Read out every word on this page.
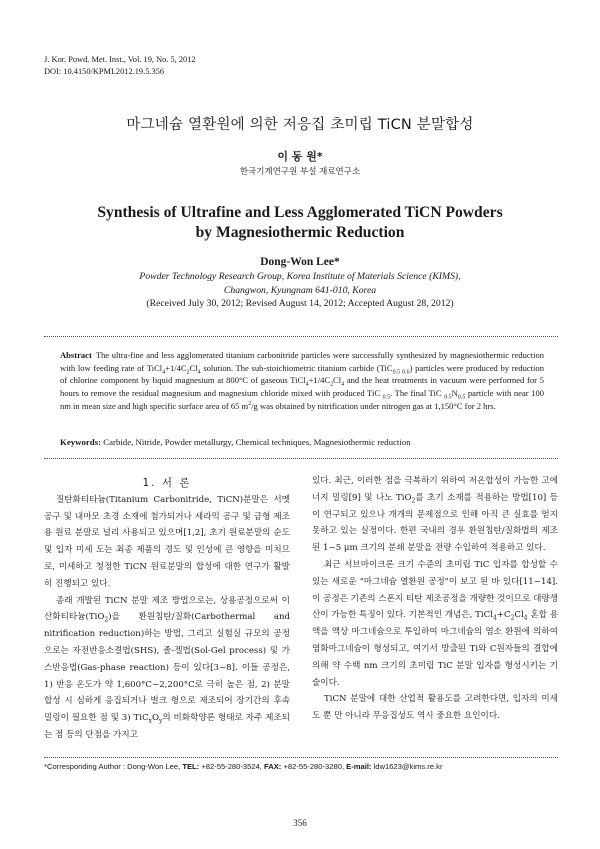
J. Kor. Powd. Met. Inst., Vol. 19, No. 5, 2012
DOI: 10.4150/KPMI.2012.19.5.356
마그네슘 열환원에 의한 저응집 초미립 TiCN 분말합성
이 동 원*
한국기계연구원 부설 재료연구소
Synthesis of Ultrafine and Less Agglomerated TiCN Powders
by Magnesiothermic Reduction
Dong-Won Lee*
Powder Technology Research Group, Korea Institute of Materials Science (KIMS),
Changwon, Kyungnam 641-010, Korea
(Received July 30, 2012; Revised August 14, 2012; Accepted August 28, 2012)
Abstract The ultra-fine and less agglomerated titanium carbonitride particles were successfully synthesized by magnesiothermic reduction with low feeding rate of $TiCl_4+1/4C_2Cl_4$ solution. The sub-stoichiometric titanium carbide (TiC$_{0.5 0.6}$) particles were produced by reduction of chlorine component by liquid magnesium at 800°C of gaseous $TiCl_4+1/4C_2Cl_4$ and the heat treatments in vacuum were performed for 5 hours to remove the residual magnesium and magnesium chloride mixed with produced TiC $_{0.5}$. The final TiC $_{0.5}N_{0.5}$ particle with near 100 nm in mean size and high specific surface area of 65 $m^2/g$ was obtained by nitrification under nitrogen gas at 1,150°C for 2 hrs.
Keywords: Carbide, Nitride, Powder metallurgy, Chemical techniques, Magnesiothermic reduction

1. 서 론

질탄화티타늄(Titanium Carbonitride, TiCN)분말은 서멧 공구 및 내마모 초경 소재에 첨가되거나 세라믹 공구 및 금형 제조 용 원료 분말로 널리 사용되고 있으며[1,2], 초기 원료분말의 순도 및 입자 미세 도는 최종 제품의 경도 및 인성에 큰 영향을 미치므로, 미세하고 청정한 TiCN 원료분말의 합성에 대한 연구가 활발히 진행되고 있다.

종래 개발된 TiCN 분말 제조 방법으로는, 상용공정으로써 이산화티타늄(TiO$_2$)을 환원침탄/질화(Carbothermal and nitrification reduction)하는 방법, 그리고 실험실 규모의 공정으로는 자전반응소결법(SHS), 졸-겔법(Sol-Gel process) 및 가스반응법(Gas-phase reaction) 등이 있다[3~8]. 이들 공정은, 1) 반응 온도가 약 1,600°C~2,200°C로 극히 높은 점, 2) 분말합성 시 심하게 응집되거나 벌크 형으로 제조되어 장기간의 후속 밀링이 필요한 점 및 3) $TiC_xO_y$의 비화학양론 형태로 자주 제조되는 점 등의 단점을 가지고

있다. 최근, 이러한 점을 극복하기 위하여 저온합성이 가능한 고에너지 밀링[9] 및 나노 TiO$_2$를 초기 소재를 적용하는 방법[10] 등 이 연구되고 있으나 개개의 문제점으로 인해 아직 큰 실효를 얻지 못하고 있는 실정이다. 한편 국내의 경우 환원침탄/질화법의 제조된 1~5 μm 크기의 분쇄 분말을 전량 수입하여 적용하고 있다.

최근 서브마이크론 크기 수준의 초미립 TiC 입자를 합성할 수 있는 새로운 "마그네슘 열환원 공정"이 보고 된 바 있다[11~14]. 이 공정은 기존의 스폰지 티탄 제조공정을 개량한 것이므로 대량생산이 가능한 특징이 있다. 기본적인 개념은, $TiCl_4+C_2Cl_4$ 혼합 용액을 액상 마그네슘으로 투입하여 마그네슘의 염소 환원에 의하여 염화마그네슘이 형성되고, 여기서 방출된 Ti와 C원자들의 결합에 의해 약 수백 nm 크기의 초미립 TiC 분말 입자를 형성시키는 기술이다.

TiCN 분말에 대한 산업적 활용도를 고려한다면, 입자의 미세도 뿐 만 아니라 무응집성도 역시 중요한 요인이다.

*Corresponding Author : Dong-Won Lee, TEL: +82-55-280-3524, FAX: +82-55-280-3280, E-mail: ldw1623@kims.re.kr
356
